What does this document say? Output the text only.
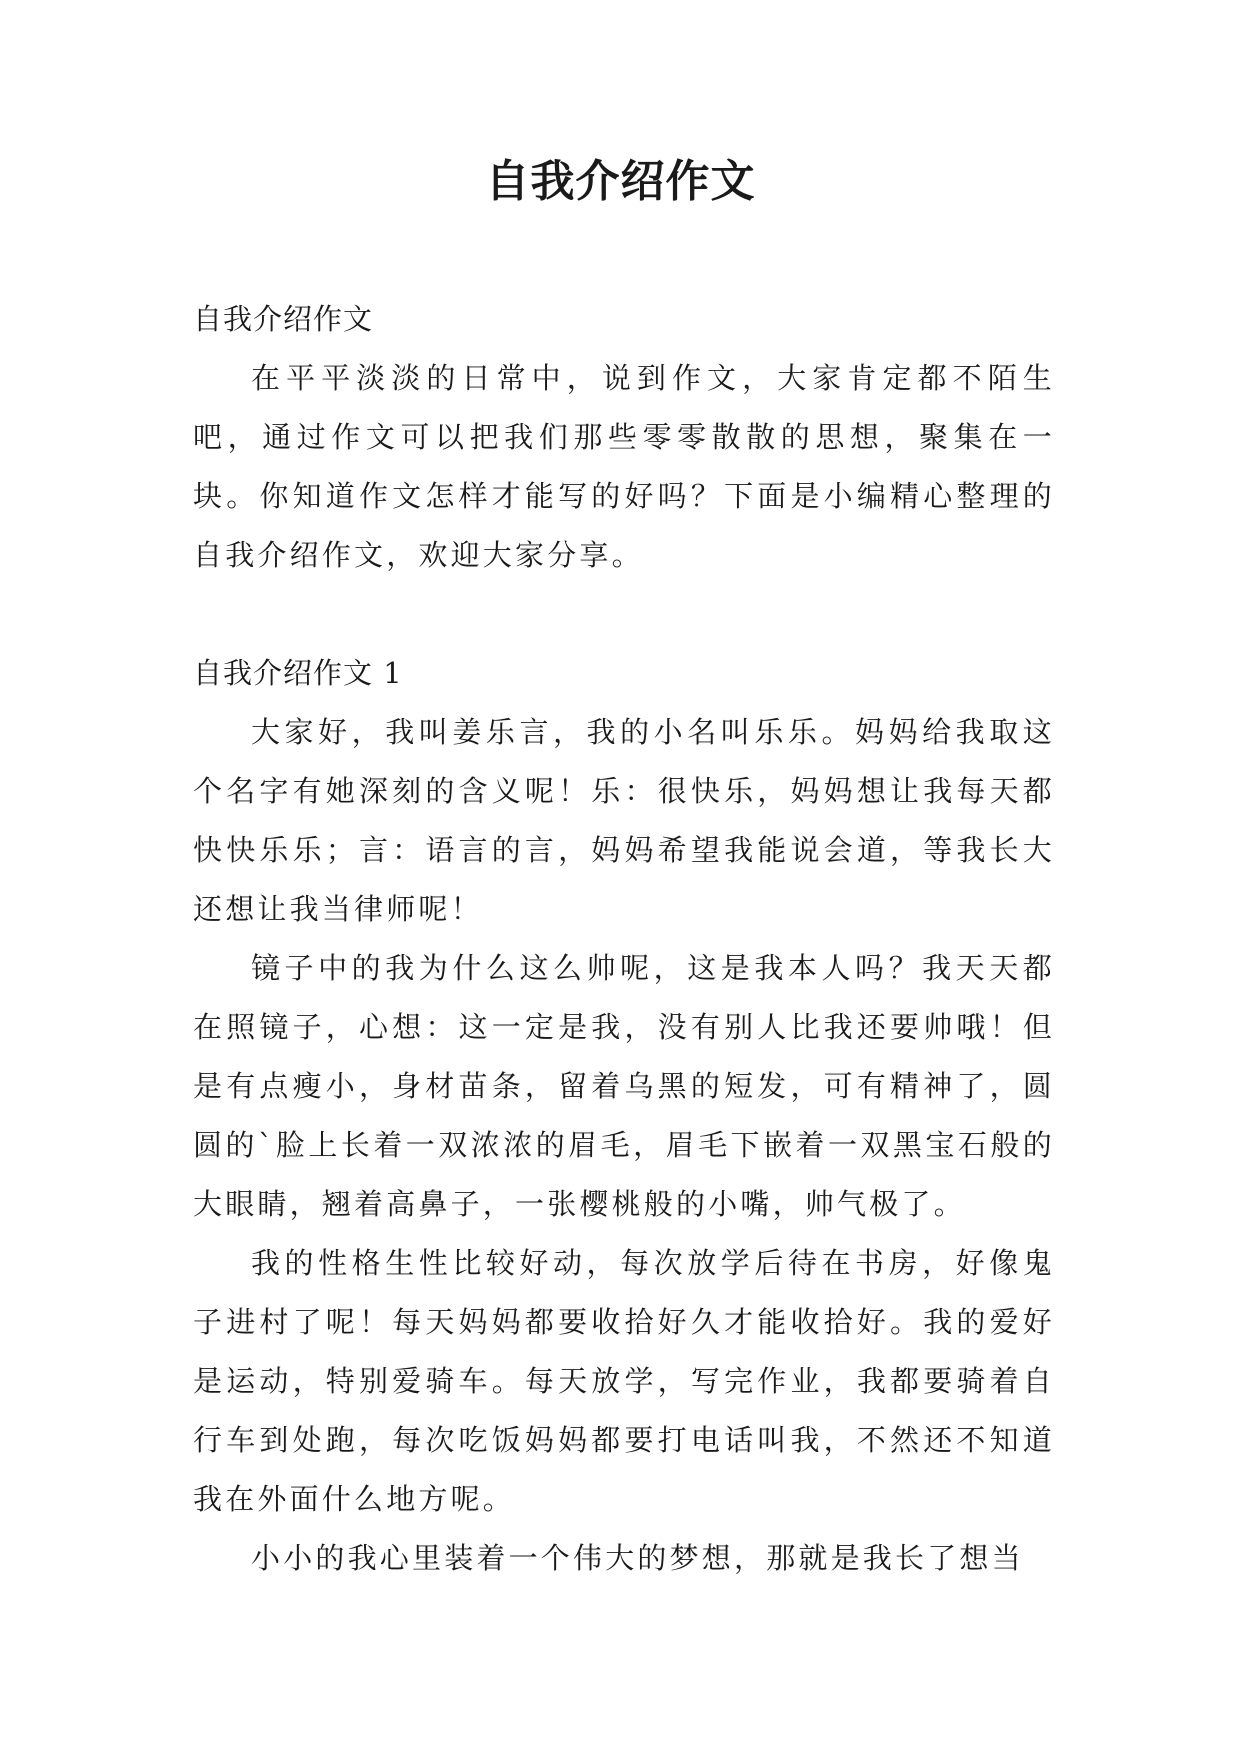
自我介绍作文
自我介绍作文

在平平淡淡的日常中，说到作文，大家肯定都不陌生吧，通过作文可以把我们那些零零散散的思想，聚集在一块。你知道作文怎样才能写的好吗？下面是小编精心整理的自我介绍作文，欢迎大家分享。

自我介绍作文 1

大家好，我叫姜乐言，我的小名叫乐乐。妈妈给我取这个名字有她深刻的含义呢！乐：很快乐，妈妈想让我每天都快快乐乐；言：语言的言，妈妈希望我能说会道，等我长大还想让我当律师呢！

镜子中的我为什么这么帅呢，这是我本人吗？我天天都在照镜子，心想：这一定是我，没有别人比我还要帅哦！但是有点瘦小，身材苗条，留着乌黑的短发，可有精神了，圆圆的`脸上长着一双浓浓的眉毛，眉毛下嵌着一双黑宝石般的大眼睛，翘着高鼻子，一张樱桃般的小嘴，帅气极了。

我的性格生性比较好动，每次放学后待在书房，好像鬼子进村了呢！每天妈妈都要收拾好久才能收拾好。我的爱好是运动，特别爱骑车。每天放学，写完作业，我都要骑着自行车到处跑，每次吃饭妈妈都要打电话叫我，不然还不知道我在外面什么地方呢。

小小的我心里装着一个伟大的梦想，那就是我长了想当
